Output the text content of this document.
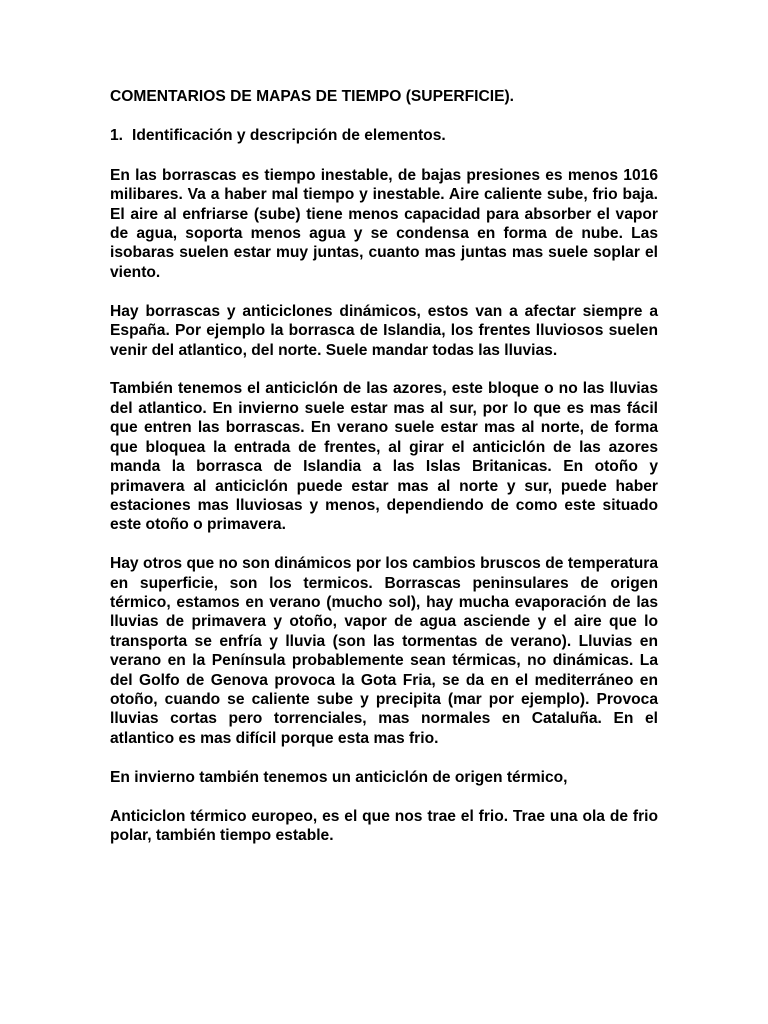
COMENTARIOS DE MAPAS DE TIEMPO (SUPERFICIE).
1. Identificación y descripción de elementos.

En las borrascas es tiempo inestable, de bajas presiones es menos 1016 milibares. Va a haber mal tiempo y inestable. Aire caliente sube, frio baja. El aire al enfriarse (sube) tiene menos capacidad para absorber el vapor de agua, soporta menos agua y se condensa en forma de nube. Las isobaras suelen estar muy juntas, cuanto mas juntas mas suele soplar el viento.

Hay borrascas y anticiclones dinámicos, estos van a afectar siempre a España. Por ejemplo la borrasca de Islandia, los frentes lluviosos suelen venir del atlantico, del norte. Suele mandar todas las lluvias.

También tenemos el anticiclón de las azores, este bloque o no las lluvias del atlantico. En invierno suele estar mas al sur, por lo que es mas fácil que entren las borrascas. En verano suele estar mas al norte, de forma que bloquea la entrada de frentes, al girar el anticiclón de las azores manda la borrasca de Islandia a las Islas Britanicas. En otoño y primavera al anticiclón puede estar mas al norte y sur, puede haber estaciones mas lluviosas y menos, dependiendo de como este situado este otoño o primavera.

Hay otros que no son dinámicos por los cambios bruscos de temperatura en superficie, son los termicos. Borrascas peninsulares de origen térmico, estamos en verano (mucho sol), hay mucha evaporación de las lluvias de primavera y otoño, vapor de agua asciende y el aire que lo transporta se enfría y lluvia (son las tormentas de verano). Lluvias en verano en la Península probablemente sean térmicas, no dinámicas. La del Golfo de Genova provoca la Gota Fria, se da en el mediterráneo en otoño, cuando se caliente sube y precipita (mar por ejemplo). Provoca lluvias cortas pero torrenciales, mas normales en Cataluña. En el atlantico es mas difícil porque esta mas frio.

En invierno también tenemos un anticiclón de origen térmico,

Anticiclon térmico europeo, es el que nos trae el frio. Trae una ola de frio polar, también tiempo estable.
